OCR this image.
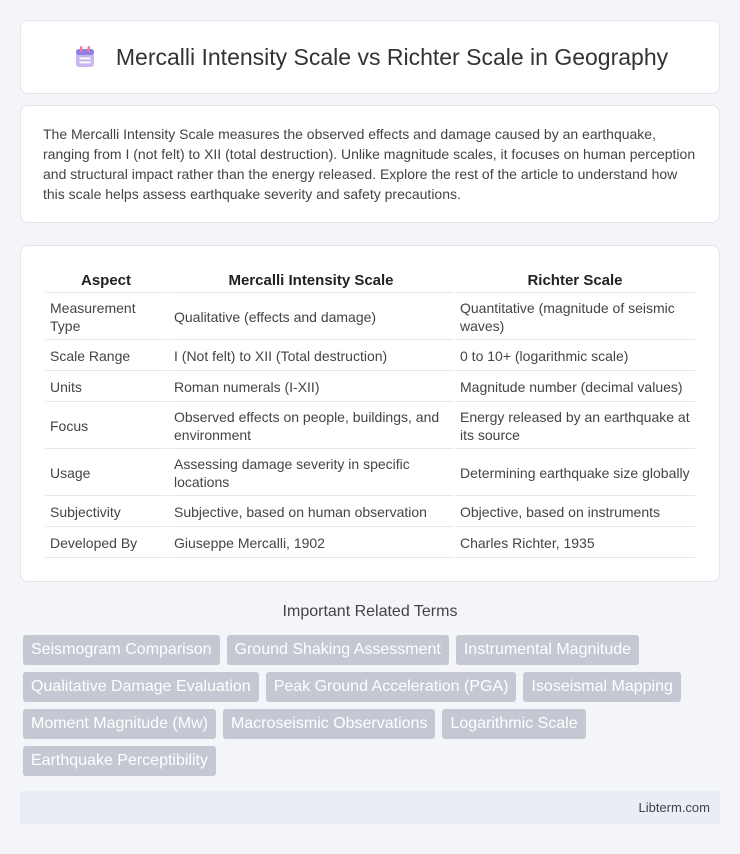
Mercalli Intensity Scale vs Richter Scale in Geography

The Mercalli Intensity Scale measures the observed effects and damage caused by an earthquake, ranging from I (not felt) to XII (total destruction). Unlike magnitude scales, it focuses on human perception and structural impact rather than the energy released. Explore the rest of the article to understand how this scale helps assess earthquake severity and safety precautions.

Aspect	Mercalli Intensity Scale	Richter Scale
Measurement Type	Qualitative (effects and damage)	Quantitative (magnitude of seismic waves)
Scale Range	I (Not felt) to XII (Total destruction)	0 to 10+ (logarithmic scale)
Units	Roman numerals (I-XII)	Magnitude number (decimal values)
Focus	Observed effects on people, buildings, and environment	Energy released by an earthquake at its source
Usage	Assessing damage severity in specific locations	Determining earthquake size globally
Subjectivity	Subjective, based on human observation	Objective, based on instruments
Developed By	Giuseppe Mercalli, 1902	Charles Richter, 1935
Important Related Terms
Seismogram Comparison	Ground Shaking Assessment	Instrumental Magnitude
Qualitative Damage Evaluation	Peak Ground Acceleration (PGA)	Isoseismal Mapping
Moment Magnitude (Mw)	Macroseismic Observations	Logarithmic Scale
Earthquake Perceptibility
Libterm.com
